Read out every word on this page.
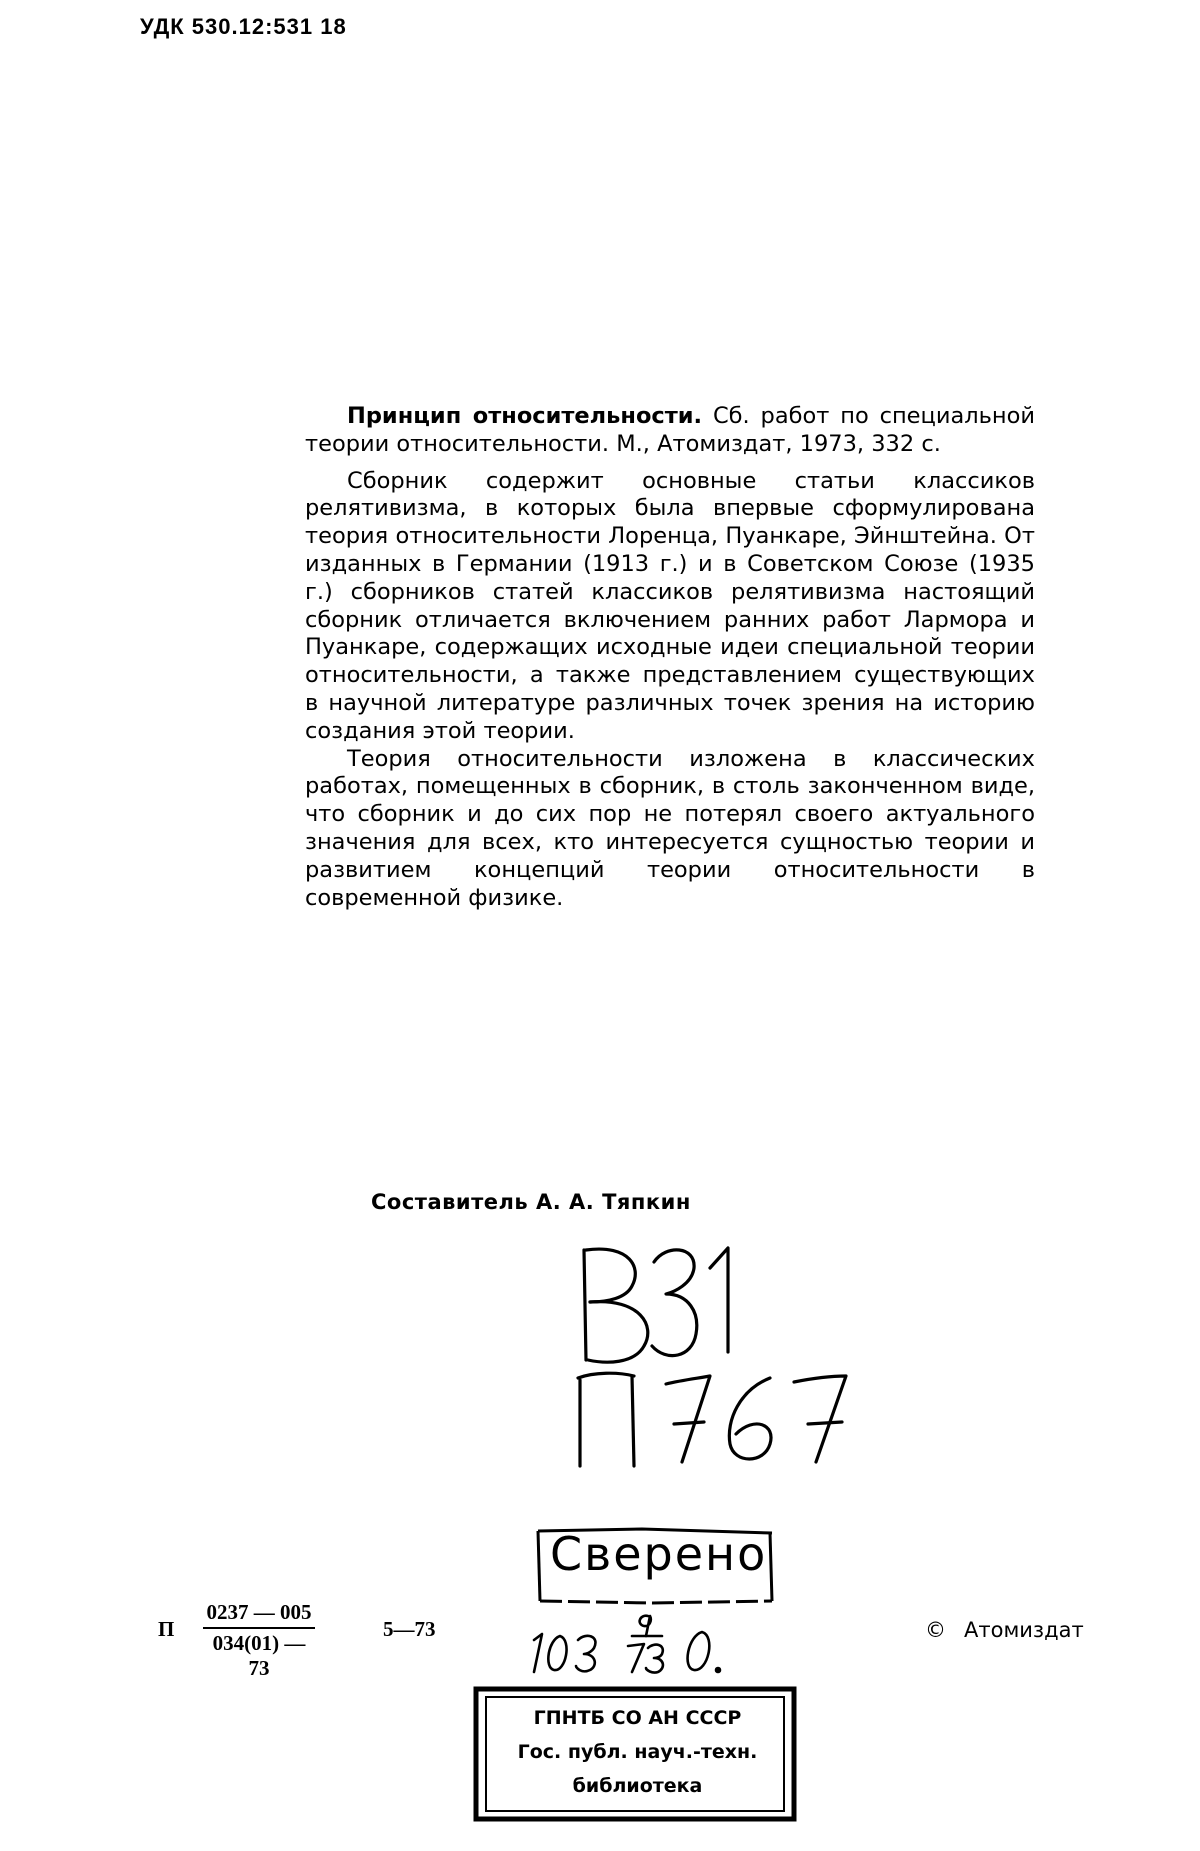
УДК 530.12:531 18

Принцип относительности. Сб. работ по специальной теории относительности. М., Атомиздат, 1973, 332 с.

Сборник содержит основные статьи классиков релятивизма, в которых была впервые сформулирована теория относительности Лоренца, Пуанкаре, Эйнштейна. От изданных в Германии (1913 г.) и в Советском Союзе (1935 г.) сборников статей классиков релятивизма настоящий сборник отличается включением ранних работ Лармора и Пуанкаре, содержащих исходные идеи специальной теории относительности, а также представлением существующих в научной литературе различных точек зрения на историю создания этой теории.

Теория относительности изложена в классических работах, помещенных в сборник, в столь законченном виде, что сборник и до сих пор не потерял своего актуального значения для всех, кто интересуется сущностью теории и развитием концепций теории относительности в современной физике.

Составитель А. А. Тяпкин
П $\frac{0237 — 005}{034(01) — 73}$	5—73
Сверено
© Атомиздат
ГПНТБ СО АН СССР
Гос. публ. науч.-техн.
библиотека
